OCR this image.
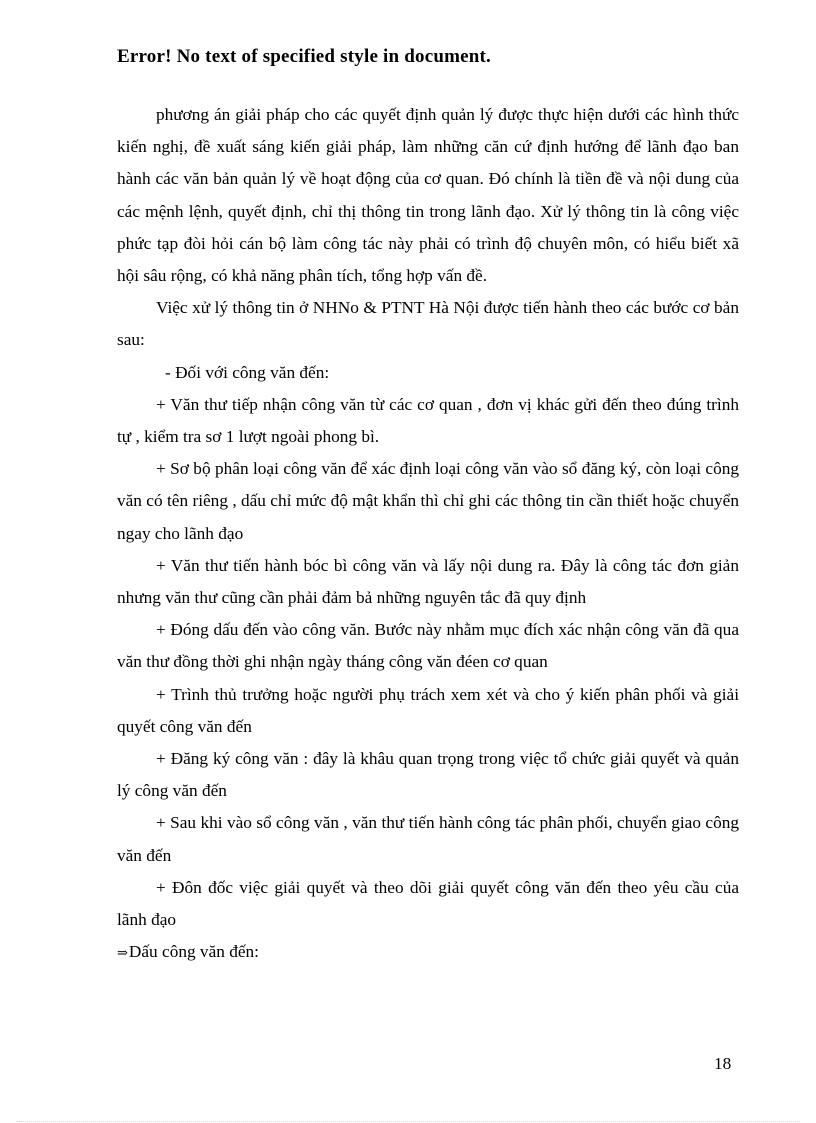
Error! No text of specified style in document.

phương án giải pháp cho các quyết định quản lý được thực hiện dưới các hình thức kiến nghị, đề xuất sáng kiến giải pháp, làm những căn cứ định hướng để lãnh đạo ban hành các văn bản quản lý về hoạt động của cơ quan. Đó chính là tiền đề và nội dung của các mệnh lệnh, quyết định, chỉ thị thông tin trong lãnh đạo. Xử lý thông tin là công việc phức tạp đòi hỏi cán bộ làm công tác này phải có trình độ chuyên môn, có hiểu biết xã hội sâu rộng, có khả năng phân tích, tổng hợp vấn đề.

Việc xử lý thông tin ở NHNo & PTNT Hà Nội được tiến hành theo các bước cơ bản sau:

- Đối với công văn đến:

+ Văn thư tiếp nhận công văn từ các cơ quan , đơn vị khác gửi đến theo đúng trình tự , kiểm tra sơ 1 lượt ngoài phong bì.

+ Sơ bộ phân loại công văn để xác định loại công văn vào sổ đăng ký, còn loại công văn có tên riêng , dấu chỉ mức độ mật khẩn thì chỉ ghi các thông tin cần thiết hoặc chuyển ngay cho lãnh đạo

+ Văn thư tiến hành bóc bì công văn và lấy nội dung ra. Đây là công tác đơn giản nhưng văn thư cũng cần phải đảm bả những nguyên tắc đã quy định

+ Đóng dấu đến vào công văn. Bước này nhằm mục đích xác nhận công văn đã qua văn thư đồng thời ghi nhận ngày tháng công văn đéen cơ quan

+ Trình thủ trưởng hoặc người phụ trách xem xét và cho ý kiến phân phối và giải quyết công văn đến

+ Đăng ký công văn : đây là khâu quan trọng trong việc tổ chức giải quyết và quản lý công văn đến

+ Sau khi vào sổ công văn , văn thư tiến hành công tác phân phối, chuyển giao công văn đến

+ Đôn đốc việc giải quyết và theo dõi giải quyết công văn đến theo yêu cầu của lãnh đạo

⇒Dấu công văn đến:

18
